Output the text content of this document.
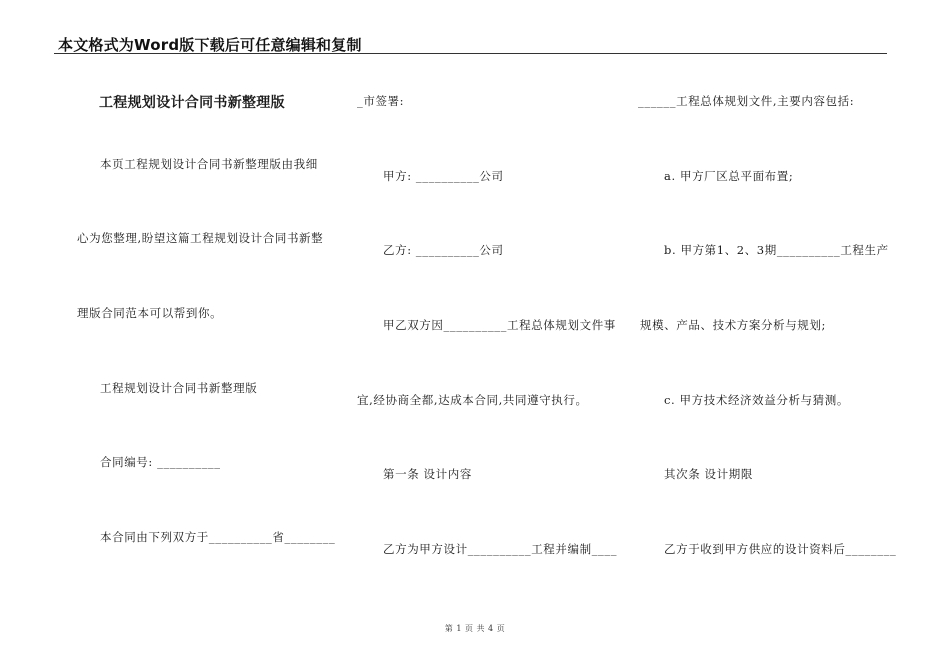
本文格式为Word版下载后可任意编辑和复制
工程规划设计合同书新整理版
本页工程规划设计合同书新整理版由我细
心为您整理,盼望这篇工程规划设计合同书新整
理版合同范本可以帮到你。
工程规划设计合同书新整理版
合同编号: __________
本合同由下列双方于__________省________
_市签署:
甲方: __________公司
乙方: __________公司
甲乙双方因__________工程总体规划文件事
宜,经协商全都,达成本合同,共同遵守执行。
第一条 设计内容
乙方为甲方设计__________工程并编制____
______工程总体规划文件,主要内容包括:
a. 甲方厂区总平面布置;
b. 甲方第1、2、3期__________工程生产
规模、产品、技术方案分析与规划;
c. 甲方技术经济效益分析与猜测。
其次条 设计期限
乙方于收到甲方供应的设计资料后________
第 1 页 共 4 页
